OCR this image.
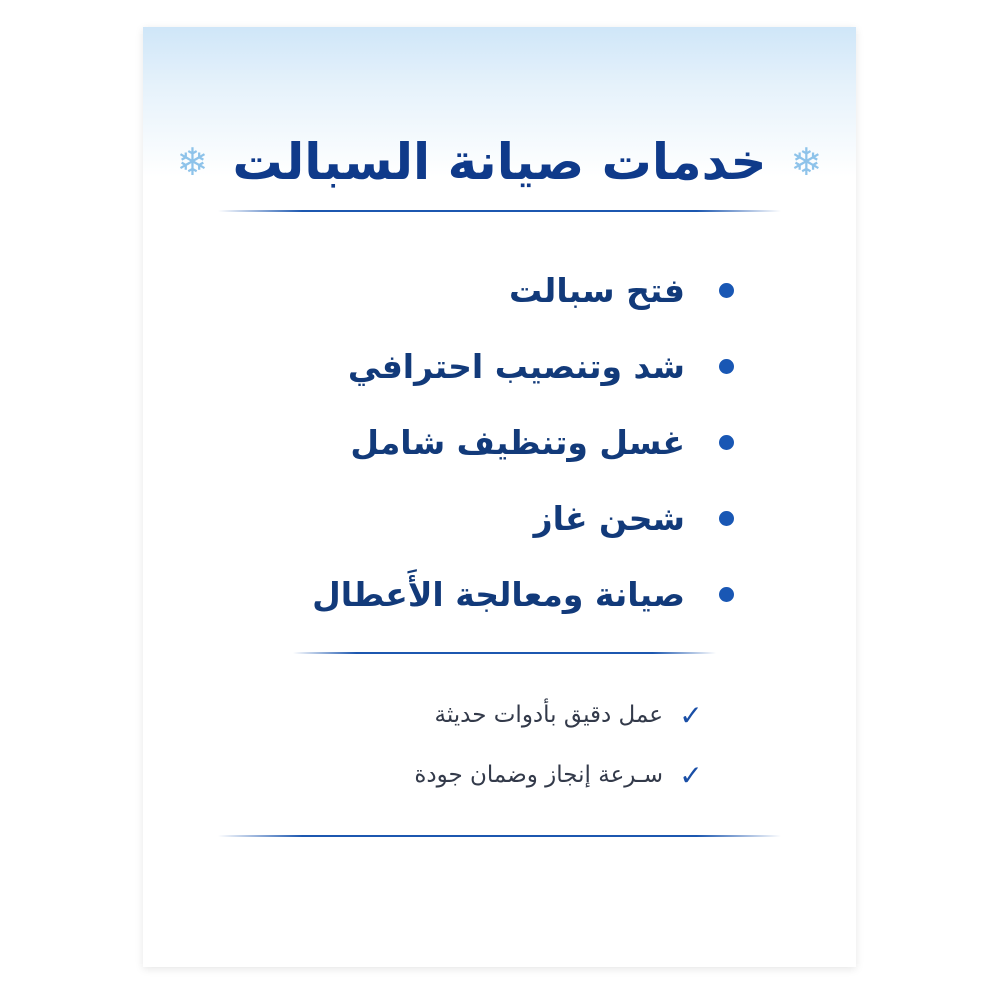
❄
خدمات صيانة السبالت
❄
فتح سبالت
شد وتنصيب احترافي
غسل وتنظيف شامل
شحن غاز
صيانة ومعالجة الأَعطال
✓
عمل دقيق بأدوات حديثة
✓
سـرعة إنجاز وضمان جودة
